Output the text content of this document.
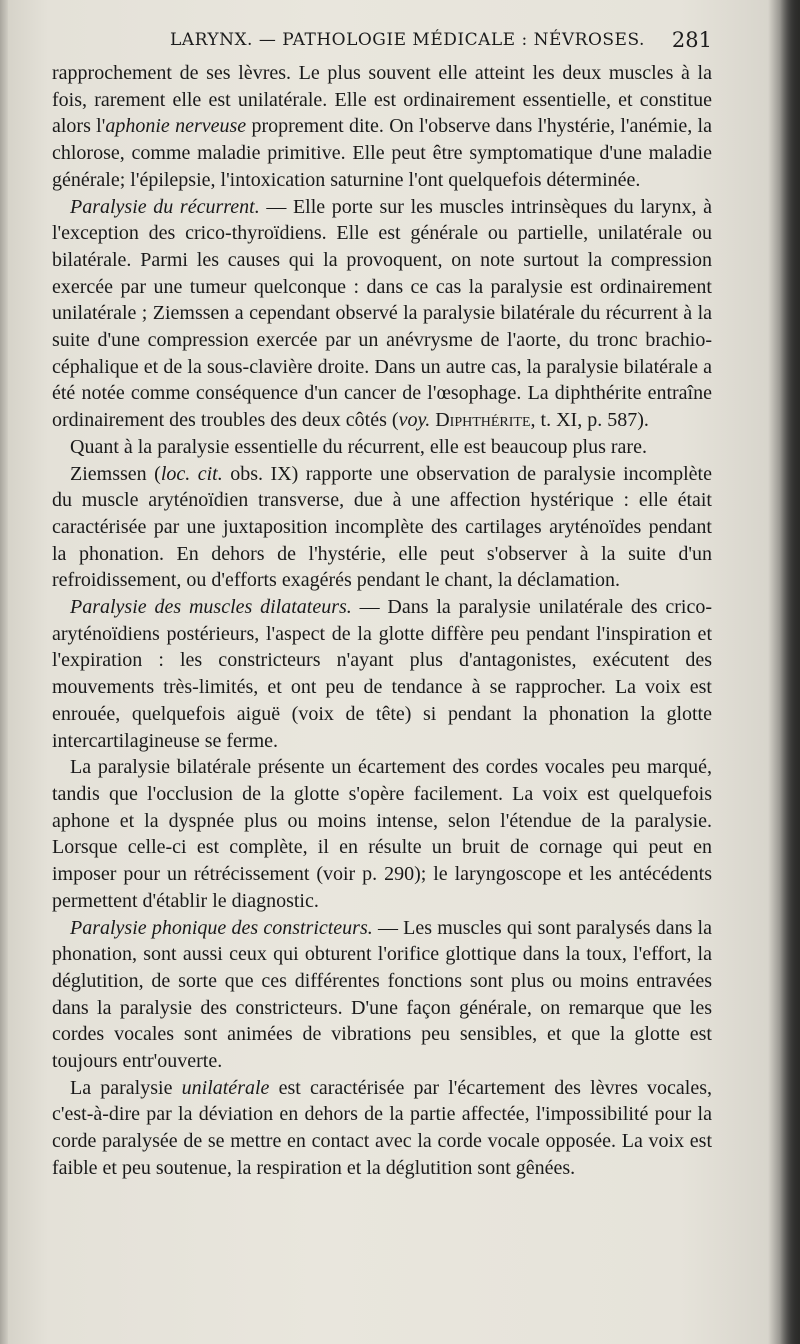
LARYNX. — PATHOLOGIE MÉDICALE : NÉVROSES. 281

rapprochement de ses lèvres. Le plus souvent elle atteint les deux muscles à la fois, rarement elle est unilatérale. Elle est ordinairement essentielle, et constitue alors l'aphonie nerveuse proprement dite. On l'observe dans l'hystérie, l'anémie, la chlorose, comme maladie primitive. Elle peut être symptomatique d'une maladie générale; l'épilepsie, l'intoxication saturnine l'ont quelquefois déterminée.

Paralysie du récurrent. — Elle porte sur les muscles intrinsèques du larynx, à l'exception des crico-thyroïdiens. Elle est générale ou partielle, unilatérale ou bilatérale. Parmi les causes qui la provoquent, on note surtout la compression exercée par une tumeur quelconque : dans ce cas la paralysie est ordinairement unilatérale ; Ziemssen a cependant observé la paralysie bilatérale du récurrent à la suite d'une compression exercée par un anévrysme de l'aorte, du tronc brachio-céphalique et de la sous-clavière droite. Dans un autre cas, la paralysie bilatérale a été notée comme conséquence d'un cancer de l'œsophage. La diphthérite entraîne ordinairement des troubles des deux côtés (voy. Diphthérite, t. XI, p. 587).

Quant à la paralysie essentielle du récurrent, elle est beaucoup plus rare.

Ziemssen (loc. cit. obs. IX) rapporte une observation de paralysie incomplète du muscle aryténoïdien transverse, due à une affection hystérique : elle était caractérisée par une juxtaposition incomplète des cartilages aryténoïdes pendant la phonation. En dehors de l'hystérie, elle peut s'observer à la suite d'un refroidissement, ou d'efforts exagérés pendant le chant, la déclamation.

Paralysie des muscles dilatateurs. — Dans la paralysie unilatérale des crico-aryténoïdiens postérieurs, l'aspect de la glotte diffère peu pendant l'inspiration et l'expiration : les constricteurs n'ayant plus d'antagonistes, exécutent des mouvements très-limités, et ont peu de tendance à se rapprocher. La voix est enrouée, quelquefois aiguë (voix de tête) si pendant la phonation la glotte intercartilagineuse se ferme.

La paralysie bilatérale présente un écartement des cordes vocales peu marqué, tandis que l'occlusion de la glotte s'opère facilement. La voix est quelquefois aphone et la dyspnée plus ou moins intense, selon l'étendue de la paralysie. Lorsque celle-ci est complète, il en résulte un bruit de cornage qui peut en imposer pour un rétrécissement (voir p. 290); le laryngoscope et les antécédents permettent d'établir le diagnostic.

Paralysie phonique des constricteurs. — Les muscles qui sont paralysés dans la phonation, sont aussi ceux qui obturent l'orifice glottique dans la toux, l'effort, la déglutition, de sorte que ces différentes fonctions sont plus ou moins entravées dans la paralysie des constricteurs. D'une façon générale, on remarque que les cordes vocales sont animées de vibrations peu sensibles, et que la glotte est toujours entr'ouverte.

La paralysie unilatérale est caractérisée par l'écartement des lèvres vocales, c'est-à-dire par la déviation en dehors de la partie affectée, l'impossibilité pour la corde paralysée de se mettre en contact avec la corde vocale opposée. La voix est faible et peu soutenue, la respiration et la déglutition sont gênées.
